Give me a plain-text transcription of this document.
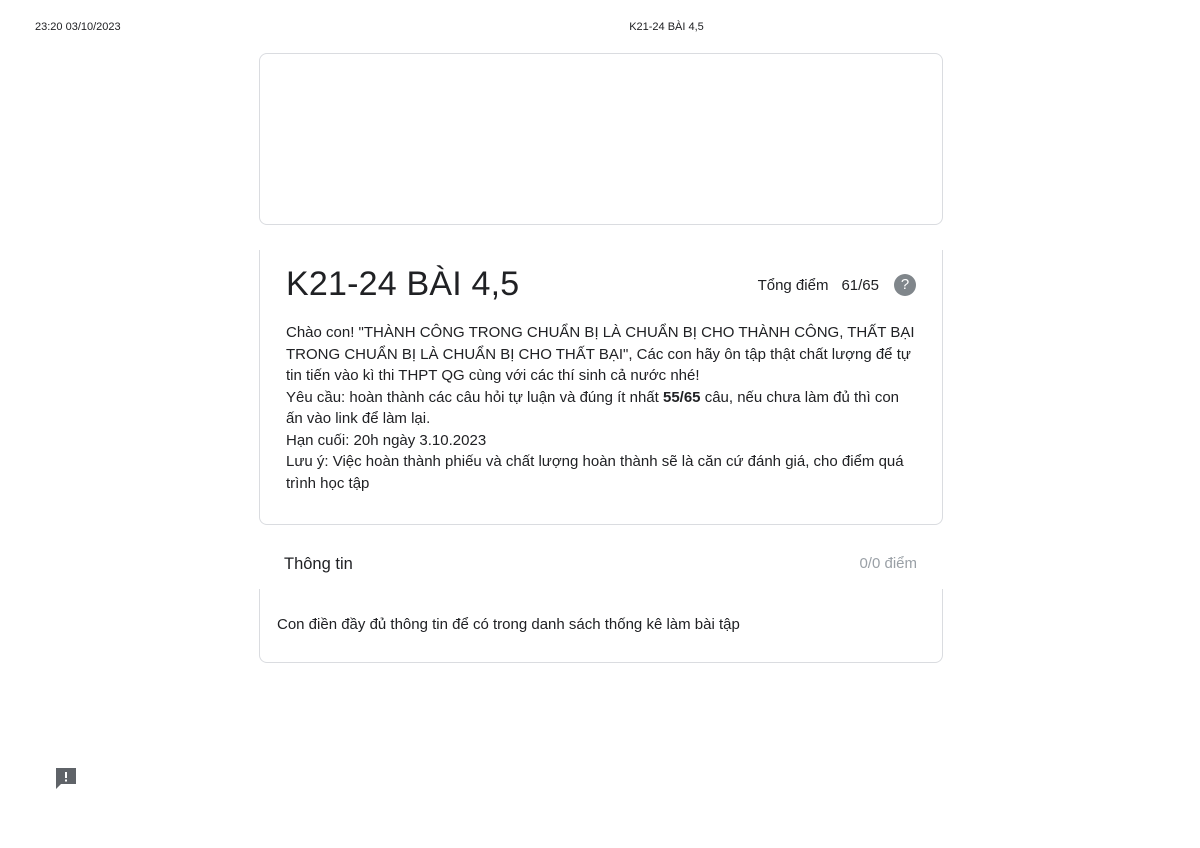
23:20 03/10/2023	K21-24 BÀI 4,5
K21-24 BÀI 4,5	Tổng điểm 61/65	?

Chào con! "THÀNH CÔNG TRONG CHUẨN BỊ LÀ CHUẨN BỊ CHO THÀNH CÔNG, THẤT BẠI TRONG CHUẨN BỊ LÀ CHUẨN BỊ CHO THẤT BẠI", Các con hãy ôn tập thật chất lượng để tự tin tiến vào kì thi THPT QG cùng với các thí sinh cả nước nhé!

Yêu cầu: hoàn thành các câu hỏi tự luận và đúng ít nhất 55/65 câu, nếu chưa làm đủ thì con ấn vào link để làm lại.

Hạn cuối: 20h ngày 3.10.2023

Lưu ý: Việc hoàn thành phiếu và chất lượng hoàn thành sẽ là căn cứ đánh giá, cho điểm quá trình học tập

Thông tin	0/0 điểm
Con điền đầy đủ thông tin để có trong danh sách thống kê làm bài tập
